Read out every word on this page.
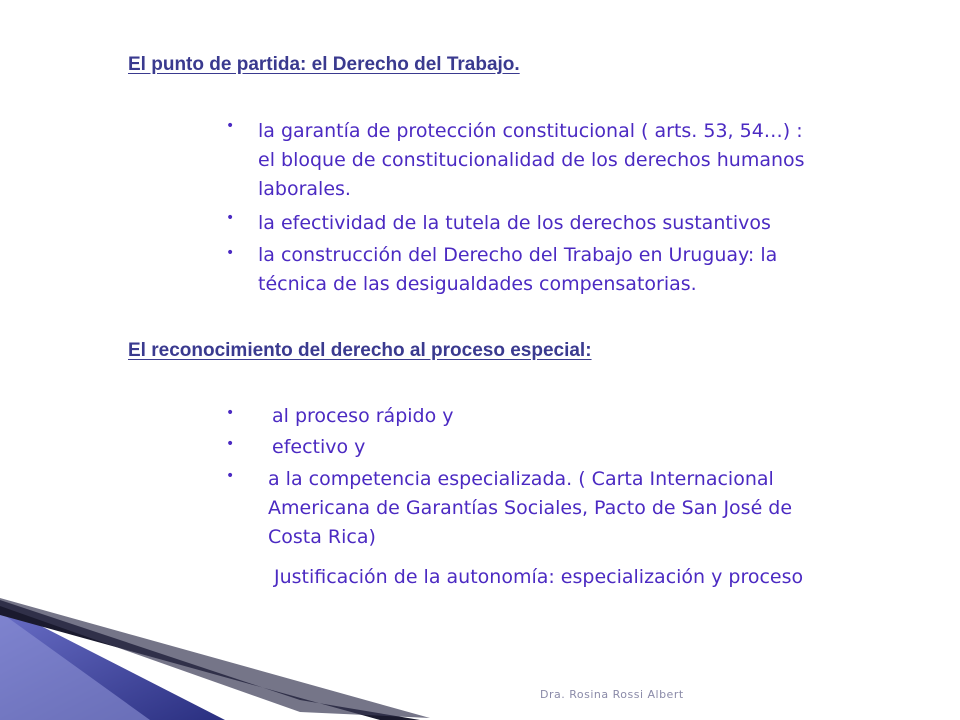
El punto de partida: el Derecho del Trabajo.
• la garantía de protección constitucional ( arts. 53, 54…) :
el bloque de constitucionalidad de los derechos humanos
laborales.
• la efectividad de la tutela de los derechos sustantivos
• la construcción del Derecho del Trabajo en Uruguay: la
técnica de las desigualdades compensatorias.
El reconocimiento del derecho al proceso especial:
• al proceso rápido y
• efectivo y
• a la competencia especializada. ( Carta Internacional
Americana de Garantías Sociales, Pacto de San José de
Costa Rica)
Justificación de la autonomía: especialización y proceso
Dra. Rosina Rossi Albert
